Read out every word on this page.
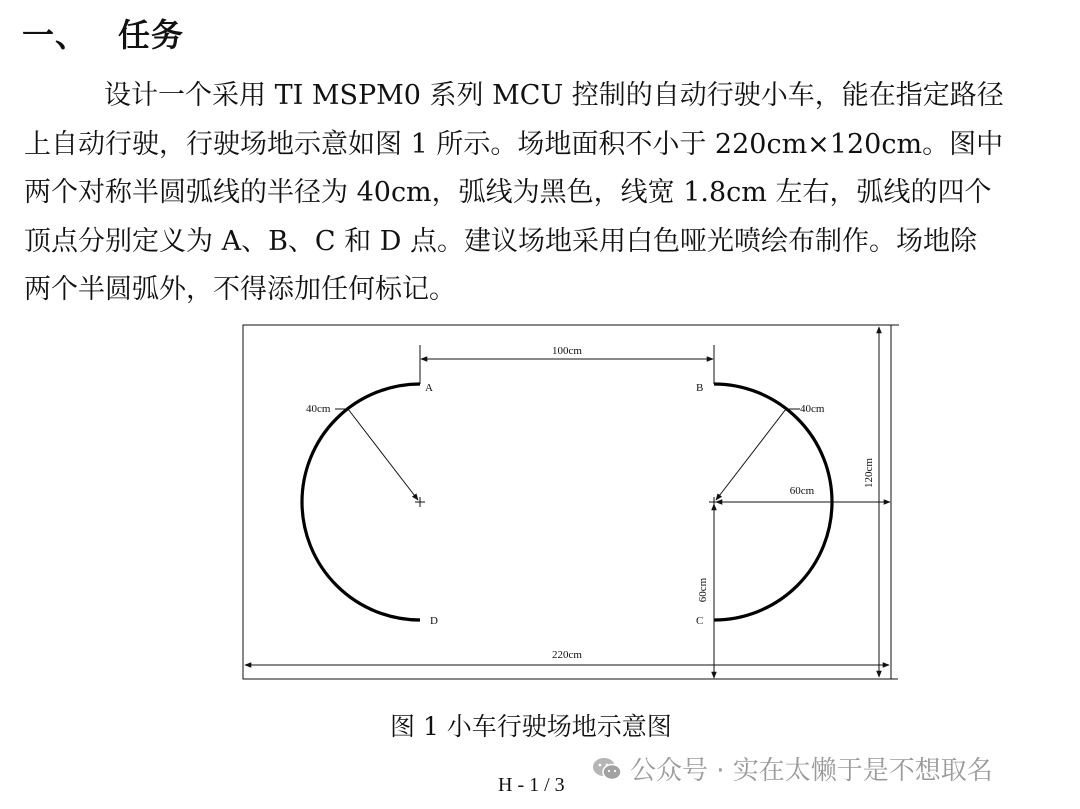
一、 任务
设计一个采用 TI MSPM0 系列 MCU 控制的自动行驶小车，能在指定路径
上自动行驶，行驶场地示意如图 1 所示。场地面积不小于 220cm×120cm。图中
两个对称半圆弧线的半径为 40cm，弧线为黑色，线宽 1.8cm 左右，弧线的四个
顶点分别定义为 A、B、C 和 D 点。建议场地采用白色哑光喷绘布制作。场地除
两个半圆弧外，不得添加任何标记。
100cm
A	B
C
D
40cm	40cm
60cm
60cm
120cm
220cm
图 1 小车行驶场地示意图
公众号 · 实在太懒于是不想取名
H - 1 / 3
